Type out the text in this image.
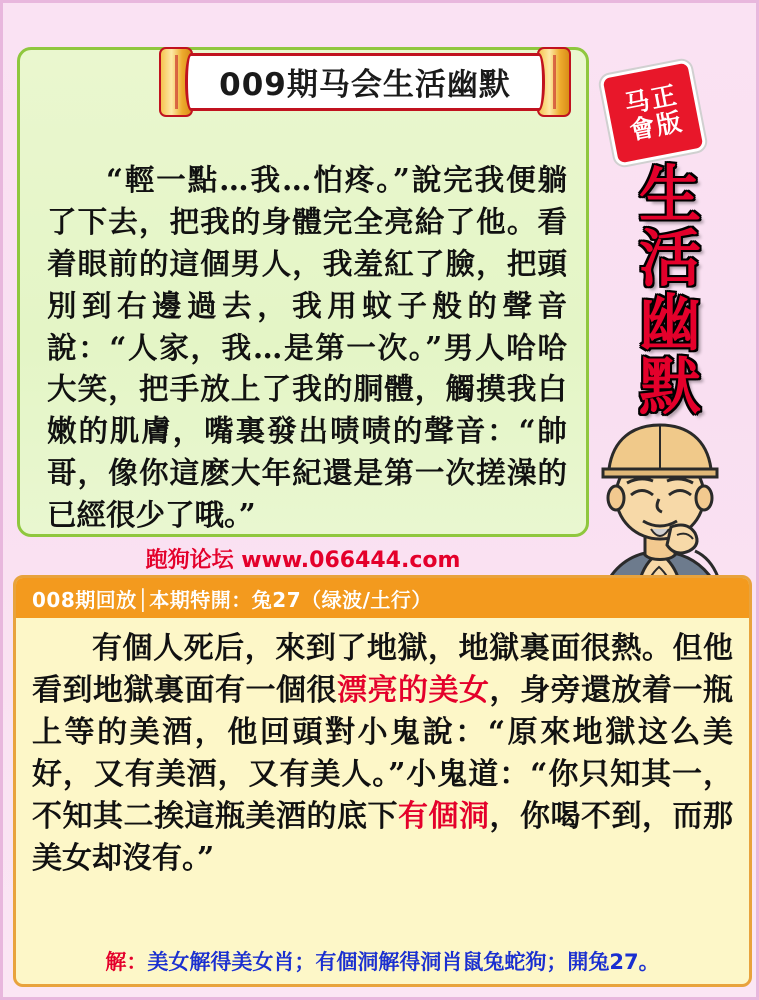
009期马会生活幽默	正
版
马
會
生
活
幽
默
“輕一點…我…怕疼。”說完我便躺了下去，把我的身體完全亮給了他。看着眼前的這個男人，我羞紅了臉，把頭別到右邊過去，我用蚊子般的聲音說：“人家，我…是第一次。”男人哈哈大笑，把手放上了我的胴體，觸摸我白嫩的肌膚，嘴裏發出啧啧的聲音：“帥哥，像你這麽大年紀還是第一次搓澡的已經很少了哦。”
跑狗论坛 www.066444.com
008期回放│本期特開：兔27（绿波/土行）
有個人死后，來到了地獄，地獄裏面很熱。但他看到地獄裏面有一個很漂亮的美女，身旁還放着一瓶上等的美酒，他回頭對小鬼說：“原來地獄这么美好，又有美酒，又有美人。”小鬼道：“你只知其一，不知其二挨這瓶美酒的底下有個洞，你喝不到，而那美女却沒有。”
解：美女解得美女肖；有個洞解得洞肖鼠兔蛇狗；開兔27。
